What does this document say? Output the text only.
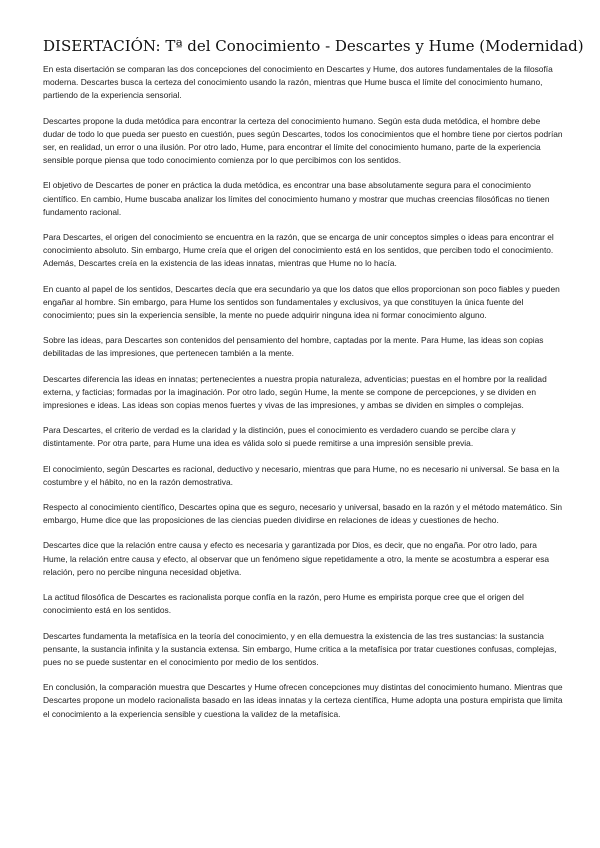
DISERTACIÓN: Tª del Conocimiento - Descartes y Hume (Modernidad)

En esta disertación se comparan las dos concepciones del conocimiento en Descartes y Hume, dos autores fundamentales de la filosofía moderna. Descartes busca la certeza del conocimiento usando la razón, mientras que Hume busca el límite del conocimiento humano, partiendo de la experiencia sensorial.

Descartes propone la duda metódica para encontrar la certeza del conocimiento humano. Según esta duda metódica, el hombre debe dudar de todo lo que pueda ser puesto en cuestión, pues según Descartes, todos los conocimientos que el hombre tiene por ciertos podrían ser, en realidad, un error o una ilusión. Por otro lado, Hume, para encontrar el límite del conocimiento humano, parte de la experiencia sensible porque piensa que todo conocimiento comienza por lo que percibimos con los sentidos.

El objetivo de Descartes de poner en práctica la duda metódica, es encontrar una base absolutamente segura para el conocimiento científico. En cambio, Hume buscaba analizar los límites del conocimiento humano y mostrar que muchas creencias filosóficas no tienen fundamento racional.

Para Descartes, el origen del conocimiento se encuentra en la razón, que se encarga de unir conceptos simples o ideas para encontrar el conocimiento absoluto. Sin embargo, Hume creía que el origen del conocimiento está en los sentidos, que perciben todo el conocimiento. Además, Descartes creía en la existencia de las ideas innatas, mientras que Hume no lo hacía.

En cuanto al papel de los sentidos, Descartes decía que era secundario ya que los datos que ellos proporcionan son poco fiables y pueden engañar al hombre. Sin embargo, para Hume los sentidos son fundamentales y exclusivos, ya que constituyen la única fuente del conocimiento; pues sin la experiencia sensible, la mente no puede adquirir ninguna idea ni formar conocimiento alguno.

Sobre las ideas, para Descartes son contenidos del pensamiento del hombre, captadas por la mente. Para Hume, las ideas son copias debilitadas de las impresiones, que pertenecen también a la mente.

Descartes diferencia las ideas en innatas; pertenecientes a nuestra propia naturaleza, adventicias; puestas en el hombre por la realidad externa, y facticias; formadas por la imaginación. Por otro lado, según Hume, la mente se compone de percepciones, y se dividen en impresiones e ideas. Las ideas son copias menos fuertes y vivas de las impresiones, y ambas se dividen en simples o complejas.

Para Descartes, el criterio de verdad es la claridad y la distinción, pues el conocimiento es verdadero cuando se percibe clara y distintamente. Por otra parte, para Hume una idea es válida solo si puede remitirse a una impresión sensible previa.

El conocimiento, según Descartes es racional, deductivo y necesario, mientras que para Hume, no es necesario ni universal. Se basa en la costumbre y el hábito, no en la razón demostrativa.

Respecto al conocimiento científico, Descartes opina que es seguro, necesario y universal, basado en la razón y el método matemático. Sin embargo, Hume dice que las proposiciones de las ciencias pueden dividirse en relaciones de ideas y cuestiones de hecho.

Descartes dice que la relación entre causa y efecto es necesaria y garantizada por Dios, es decir, que no engaña. Por otro lado, para Hume, la relación entre causa y efecto, al observar que un fenómeno sigue repetidamente a otro, la mente se acostumbra a esperar esa relación, pero no percibe ninguna necesidad objetiva.

La actitud filosófica de Descartes es racionalista porque confía en la razón, pero Hume es empirista porque cree que el origen del conocimiento está en los sentidos.

Descartes fundamenta la metafísica en la teoría del conocimiento, y en ella demuestra la existencia de las tres sustancias: la sustancia pensante, la sustancia infinita y la sustancia extensa. Sin embargo, Hume critica a la metafísica por tratar cuestiones confusas, complejas, pues no se puede sustentar en el conocimiento por medio de los sentidos.

En conclusión, la comparación muestra que Descartes y Hume ofrecen concepciones muy distintas del conocimiento humano. Mientras que Descartes propone un modelo racionalista basado en las ideas innatas y la certeza científica, Hume adopta una postura empirista que limita el conocimiento a la experiencia sensible y cuestiona la validez de la metafísica.
